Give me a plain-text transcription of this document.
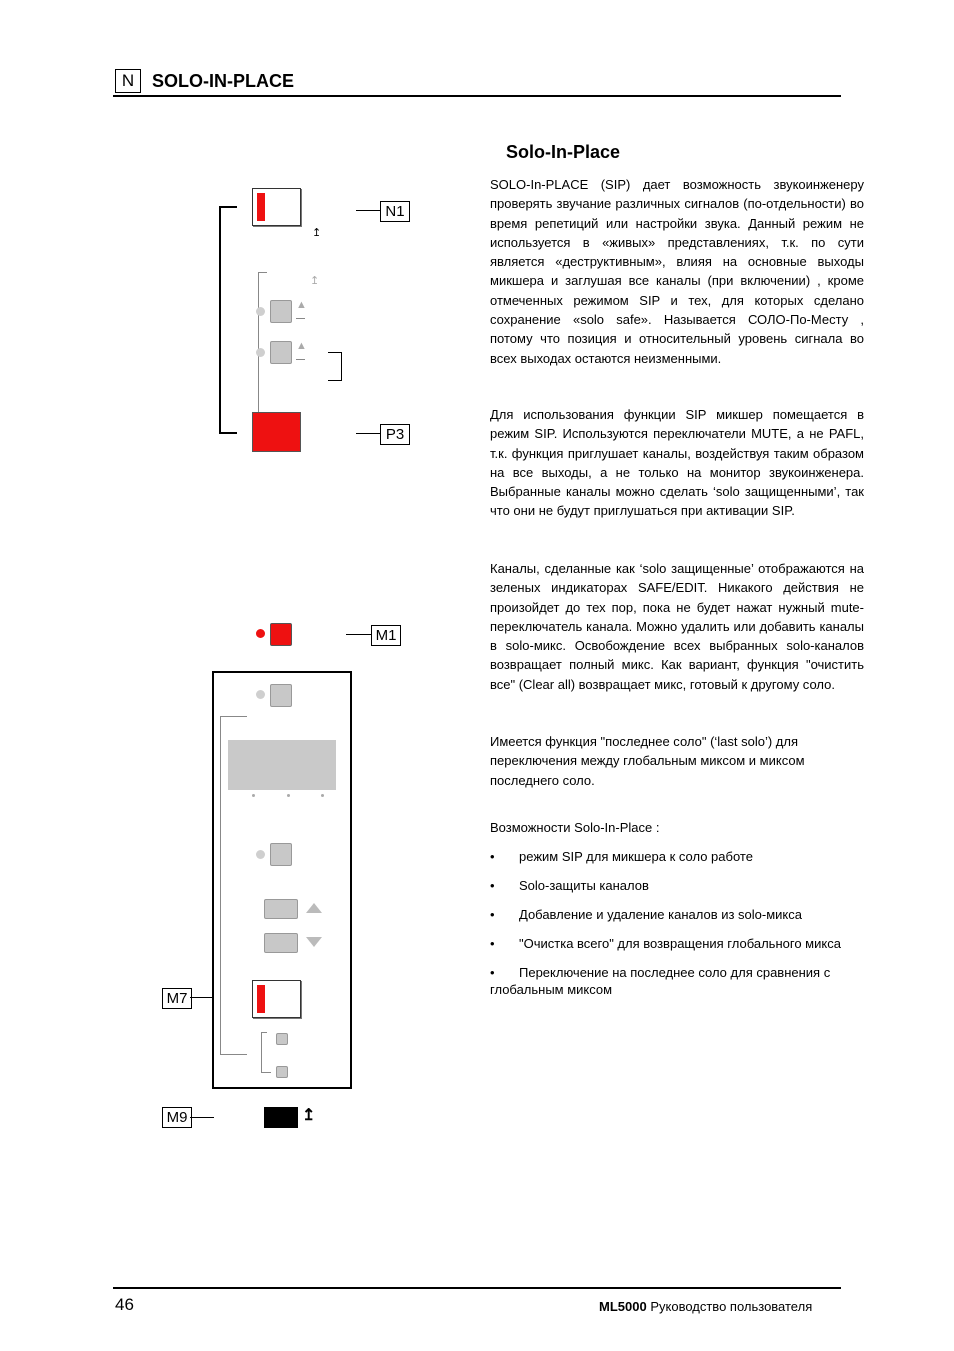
N SOLO-IN-PLACE
↥
N1
↥
▲
▲
P3
M1
M7
M9	↥
Solo-In-Place

SOLO-In-PLACE (SIP) дает возможность звукоинженеру проверять звучание различных сигналов (по-отдельности) во время репетиций или настройки звука. Данный режим не используется в «живых» представлениях, т.к. по сути является «деструктивным», влияя на основные выходы микшера и заглушая все каналы (при включении) , кроме отмеченных режимом SIP и тех, для которых сделано сохранение «solo safe». Называется СОЛО-По-Месту , потому что позиция и относительный уровень сигнала во всех выходах остаются неизменными.

Для использования функции SIP микшер помещается в режим SIP. Используются переключатели MUTE, а не PAFL, т.к. функция приглушает каналы, воздействуя таким образом на все выходы, а не только на монитор звукоинженера. Выбранные каналы можно сделать ‘solo защищенными’, так что они не будут приглушаться при активации SIP.

Каналы, сделанные как ‘solo защищенные’ отображаются на зеленых индикаторах SAFE/EDIT. Никакого действия не произойдет до тех пор, пока не будет нажат нужный mute-переключатель канала. Можно удалить или добавить каналы в solo-микс. Освобождение всех выбранных solo-каналов возвращает полный микс. Как вариант, функция "очистить все" (Clear all) возвращает микс, готовый к другому соло.

Имеется функция "последнее соло" (‘last solo’) для переключения между глобальным миксом и миксом последнего соло.

Возможности Solo-In-Place :
• режим SIP для микшера к соло работе
• Solo-защиты каналов
• Добавление и удаление каналов из solo-микса
• "Очистка всего" для возвращения глобального микса
• Переключение на последнее соло для сравнения с глобальным миксом
46	ML5000 Руководство пользователя
